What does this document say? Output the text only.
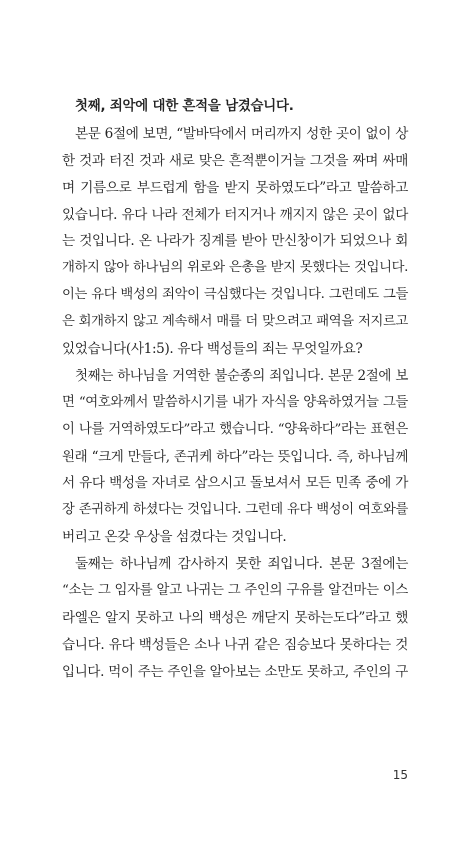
첫째, 죄악에 대한 흔적을 남겼습니다.
본문 6절에 보면, “발바닥에서 머리까지 성한 곳이 없이 상
한 것과 터진 것과 새로 맞은 흔적뿐이거늘 그것을 짜며 싸매
며 기름으로 부드럽게 함을 받지 못하였도다”라고 말씀하고
있습니다. 유다 나라 전체가 터지거나 깨지지 않은 곳이 없다
는 것입니다. 온 나라가 징계를 받아 만신창이가 되었으나 회
개하지 않아 하나님의 위로와 은총을 받지 못했다는 것입니다.
이는 유다 백성의 죄악이 극심했다는 것입니다. 그런데도 그들
은 회개하지 않고 계속해서 매를 더 맞으려고 패역을 저지르고
있었습니다(사1:5). 유다 백성들의 죄는 무엇일까요?
첫째는 하나님을 거역한 불순종의 죄입니다. 본문 2절에 보
면 “여호와께서 말씀하시기를 내가 자식을 양육하였거늘 그들
이 나를 거역하였도다”라고 했습니다. “양육하다”라는 표현은
원래 “크게 만들다, 존귀케 하다”라는 뜻입니다. 즉, 하나님께
서 유다 백성을 자녀로 삼으시고 돌보셔서 모든 민족 중에 가
장 존귀하게 하셨다는 것입니다. 그런데 유다 백성이 여호와를
버리고 온갖 우상을 섬겼다는 것입니다.
둘째는 하나님께 감사하지 못한 죄입니다. 본문 3절에는
“소는 그 임자를 알고 나귀는 그 주인의 구유를 알건마는 이스
라엘은 알지 못하고 나의 백성은 깨닫지 못하는도다”라고 했
습니다. 유다 백성들은 소나 나귀 같은 짐승보다 못하다는 것
입니다. 먹이 주는 주인을 알아보는 소만도 못하고, 주인의 구
15
